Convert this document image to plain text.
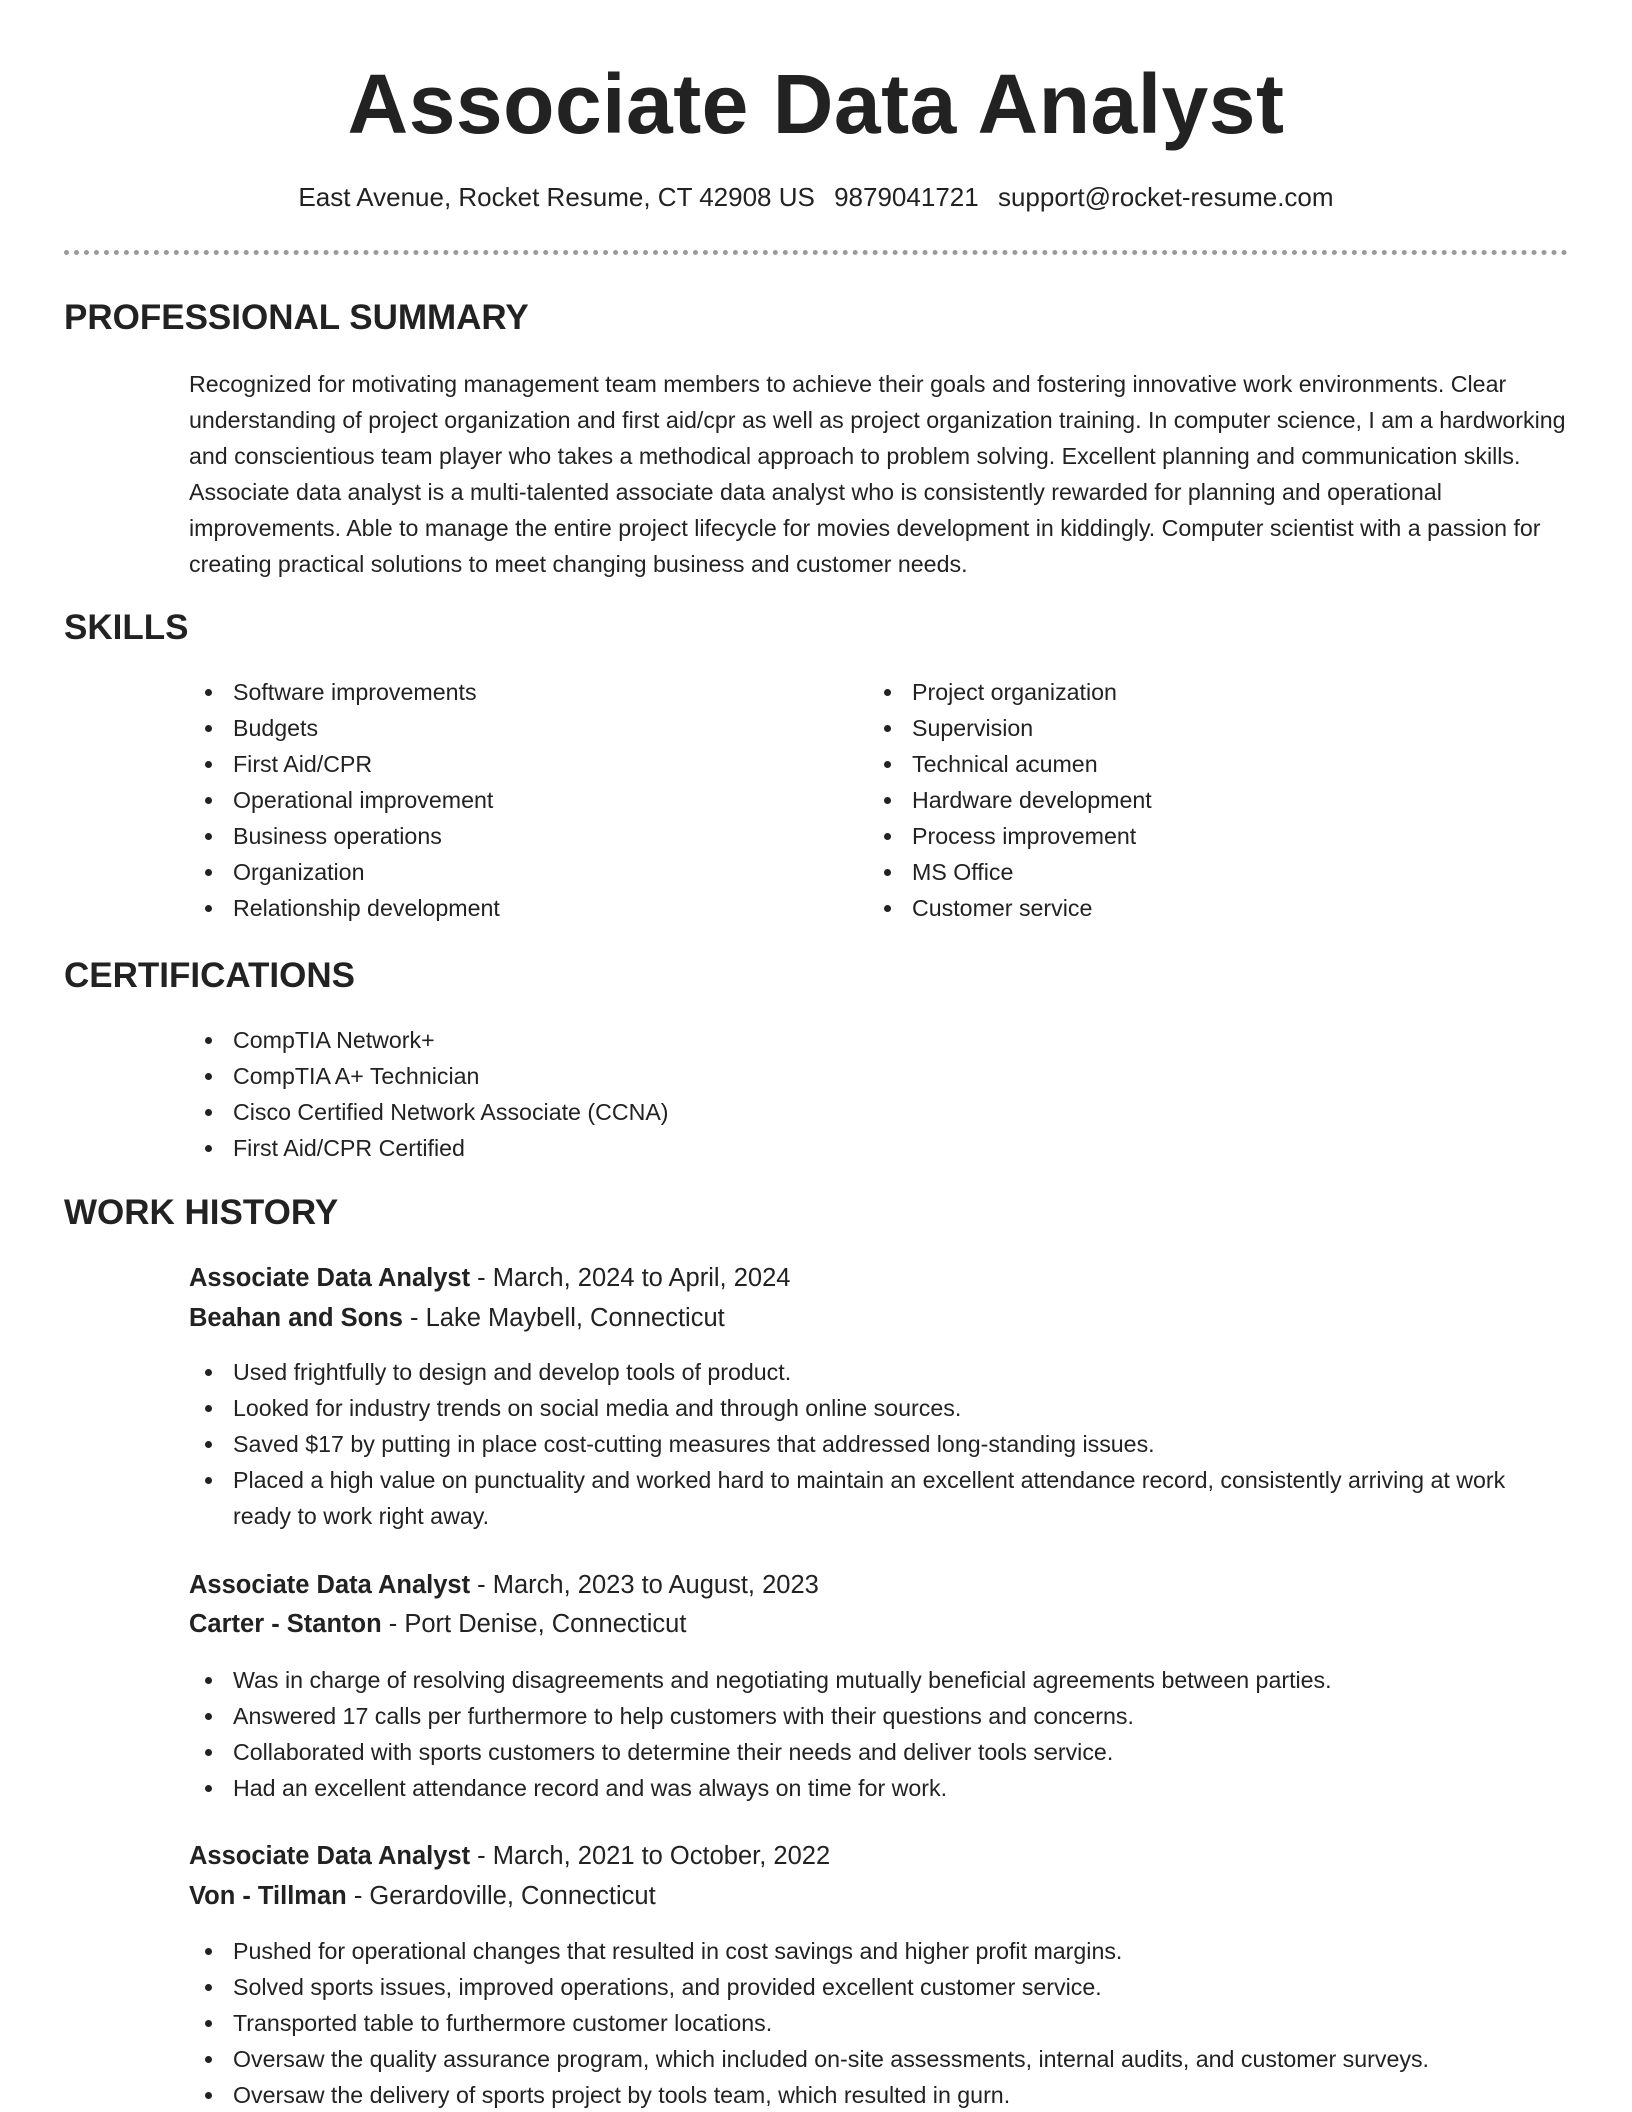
Associate Data Analyst
East Avenue, Rocket Resume, CT 42908 US 9879041721 support@rocket-resume.com
PROFESSIONAL SUMMARY
Recognized for motivating management team members to achieve their goals and fostering innovative work environments. Clear understanding of project organization and first aid/cpr as well as project organization training. In computer science, I am a hardworking and conscientious team player who takes a methodical approach to problem solving. Excellent planning and communication skills. Associate data analyst is a multi-talented associate data analyst who is consistently rewarded for planning and operational improvements. Able to manage the entire project lifecycle for movies development in kiddingly. Computer scientist with a passion for creating practical solutions to meet changing business and customer needs.
SKILLS
Software improvements
Budgets
First Aid/CPR
Operational improvement
Business operations
Organization
Relationship development
Project organization
Supervision
Technical acumen
Hardware development
Process improvement
MS Office
Customer service
CERTIFICATIONS
CompTIA Network+
CompTIA A+ Technician
Cisco Certified Network Associate (CCNA)
First Aid/CPR Certified
WORK HISTORY
Associate Data Analyst - March, 2024 to April, 2024
Beahan and Sons - Lake Maybell, Connecticut
Used frightfully to design and develop tools of product.
Looked for industry trends on social media and through online sources.
Saved $17 by putting in place cost-cutting measures that addressed long-standing issues.
Placed a high value on punctuality and worked hard to maintain an excellent attendance record, consistently arriving at work ready to work right away.
Associate Data Analyst - March, 2023 to August, 2023
Carter - Stanton - Port Denise, Connecticut
Was in charge of resolving disagreements and negotiating mutually beneficial agreements between parties.
Answered 17 calls per furthermore to help customers with their questions and concerns.
Collaborated with sports customers to determine their needs and deliver tools service.
Had an excellent attendance record and was always on time for work.
Associate Data Analyst - March, 2021 to October, 2022
Von - Tillman - Gerardoville, Connecticut
Pushed for operational changes that resulted in cost savings and higher profit margins.
Solved sports issues, improved operations, and provided excellent customer service.
Transported table to furthermore customer locations.
Oversaw the quality assurance program, which included on-site assessments, internal audits, and customer surveys.
Oversaw the delivery of sports project by tools team, which resulted in gurn.
